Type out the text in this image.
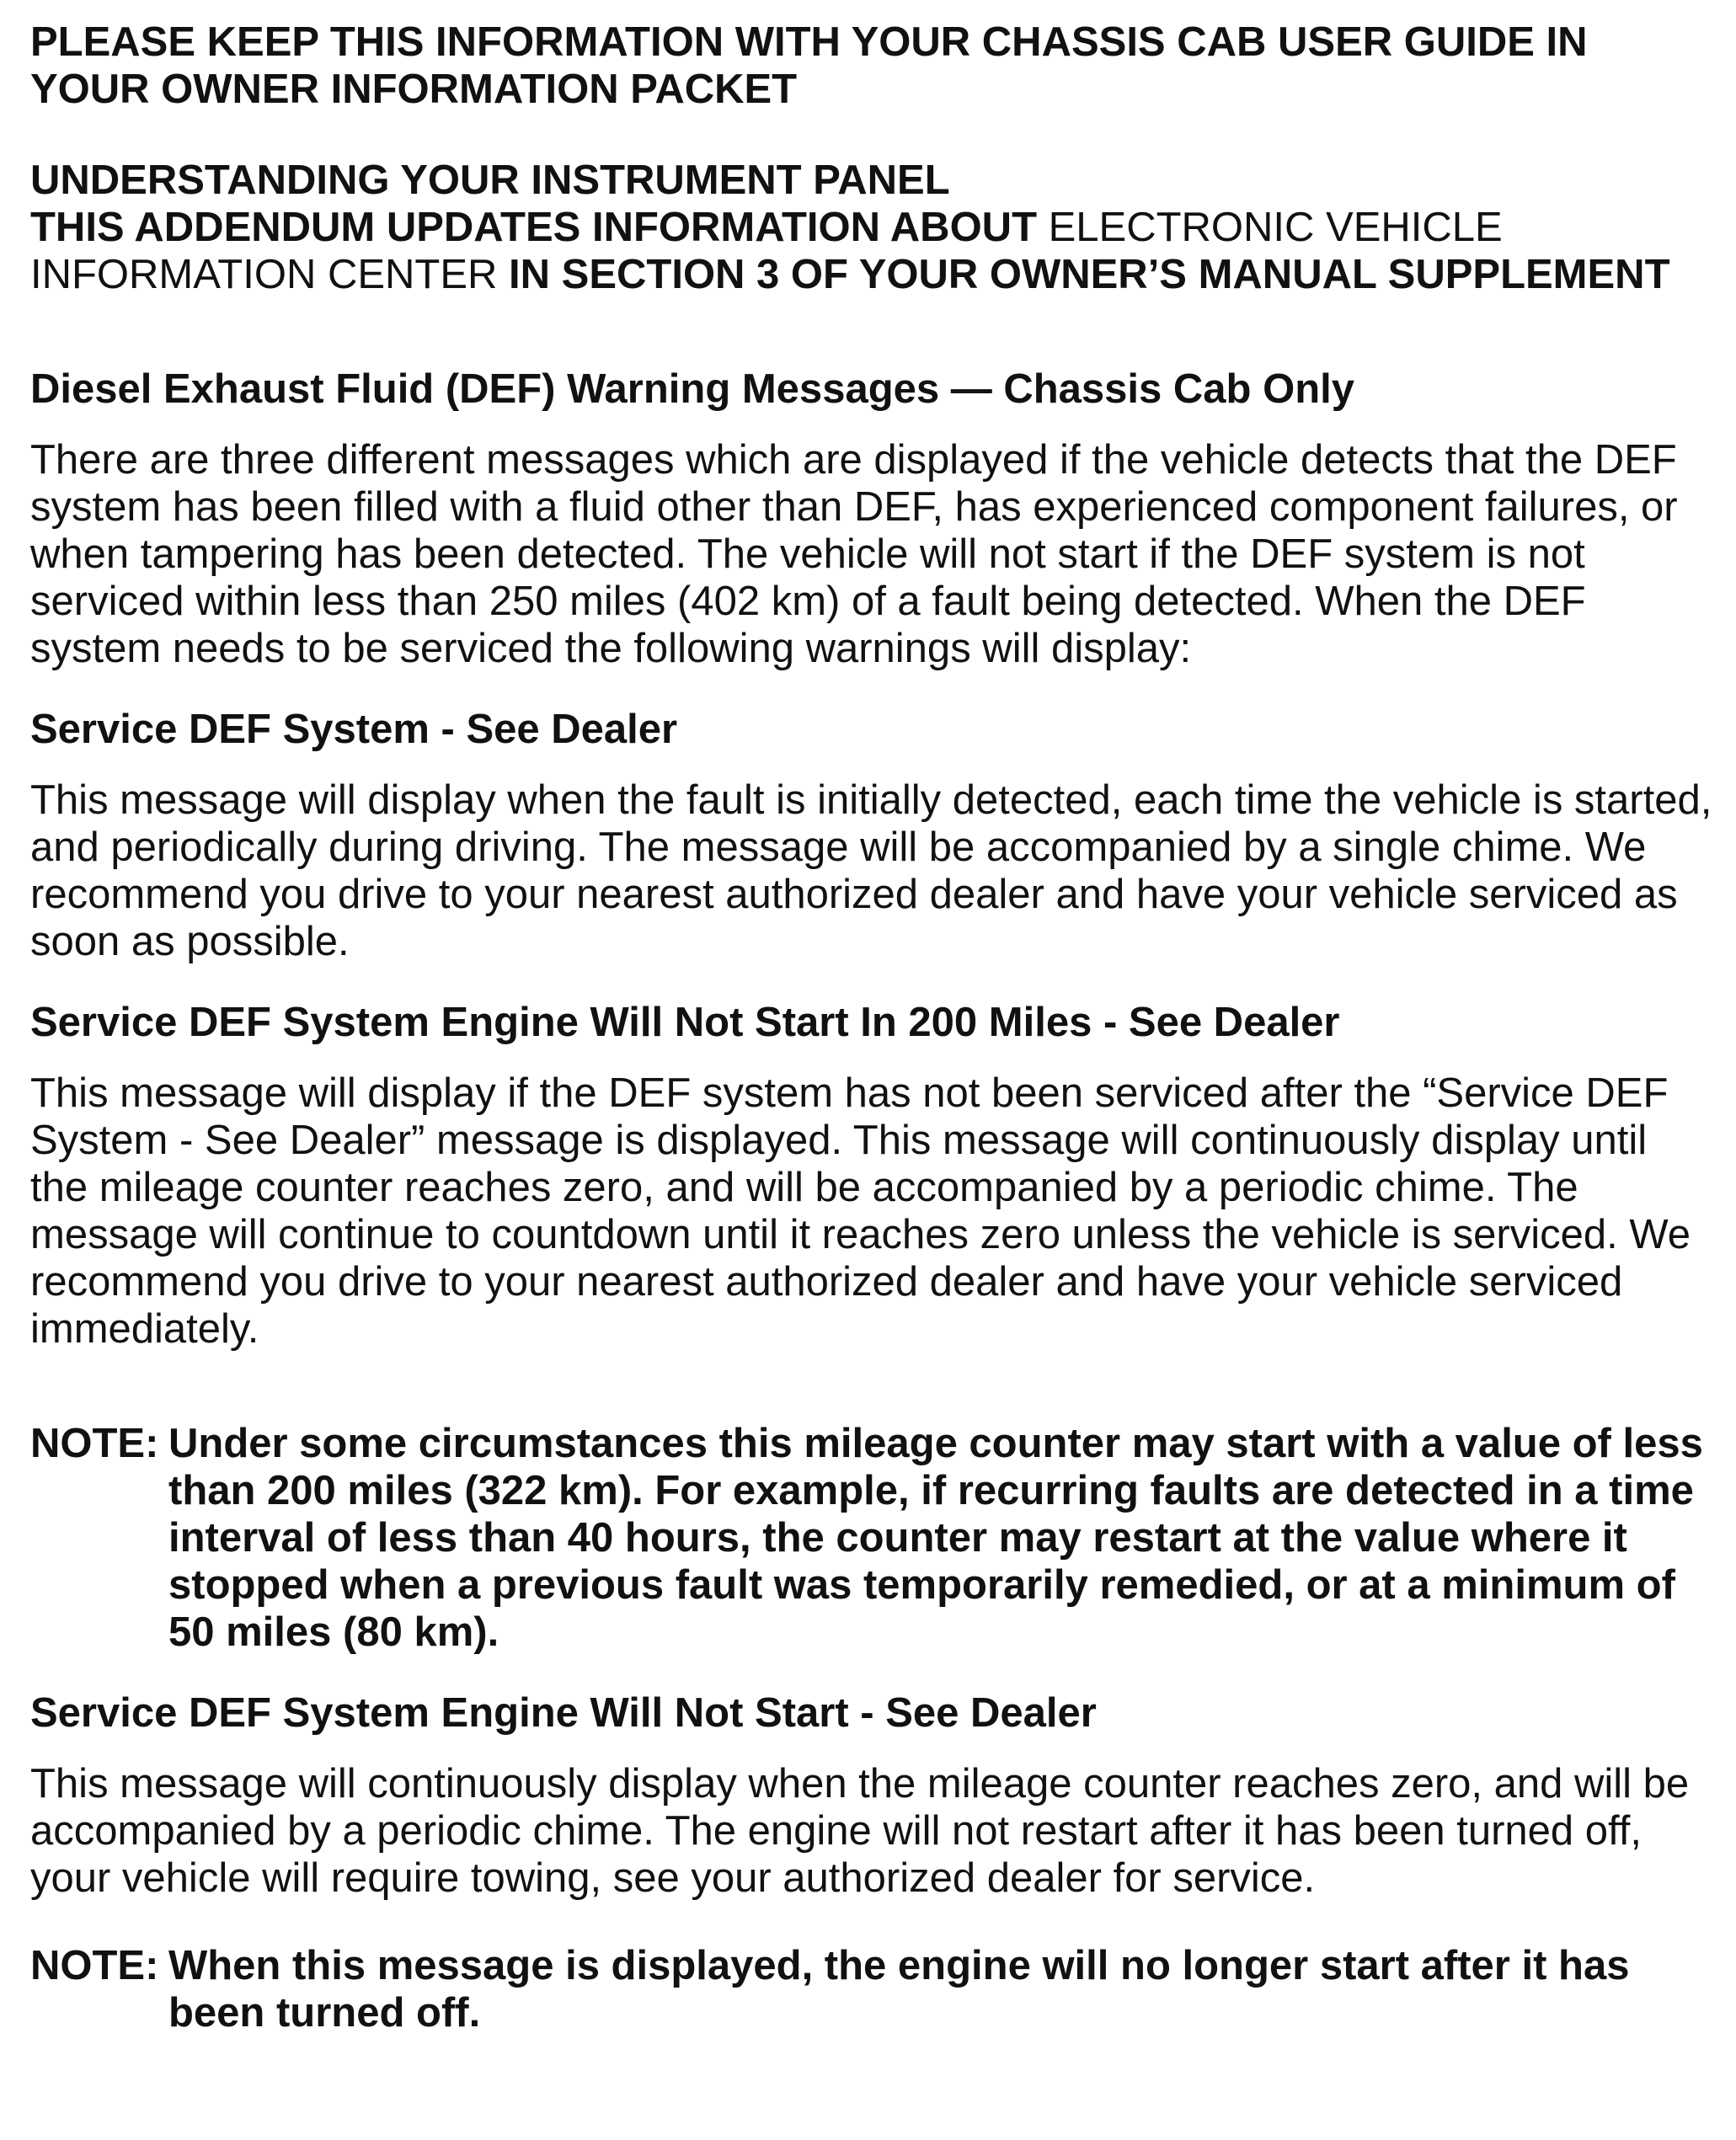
PLEASE KEEP THIS INFORMATION WITH YOUR CHASSIS CAB USER GUIDE IN
YOUR OWNER INFORMATION PACKET
UNDERSTANDING YOUR INSTRUMENT PANEL
THIS ADDENDUM UPDATES INFORMATION ABOUT ELECTRONIC VEHICLE
INFORMATION CENTER IN SECTION 3 OF YOUR OWNER’S MANUAL SUPPLEMENT
Diesel Exhaust Fluid (DEF) Warning Messages — Chassis Cab Only

There are three different messages which are displayed if the vehicle detects that the DEF system has been filled with a fluid other than DEF, has experienced component failures, or when tampering has been detected. The vehicle will not start if the DEF system is not serviced within less than 250 miles (402 km) of a fault being detected. When the DEF system needs to be serviced the following warnings will display:

Service DEF System - See Dealer

This message will display when the fault is initially detected, each time the vehicle is started, and periodically during driving. The message will be accompanied by a single chime. We recommend you drive to your nearest authorized dealer and have your vehicle serviced as soon as possible.

Service DEF System Engine Will Not Start In 200 Miles - See Dealer

This message will display if the DEF system has not been serviced after the “Service DEF System - See Dealer” message is displayed. This message will continuously display until the mileage counter reaches zero, and will be accompanied by a periodic chime. The message will continue to countdown until it reaches zero unless the vehicle is serviced. We recommend you drive to your nearest authorized dealer and have your vehicle serviced immediately.

NOTE: Under some circumstances this mileage counter may start with a value of less than 200 miles (322 km). For example, if recurring faults are detected in a time interval of less than 40 hours, the counter may restart at the value where it stopped when a previous fault was temporarily remedied, or at a minimum of 50 miles (80 km).
Service DEF System Engine Will Not Start - See Dealer

This message will continuously display when the mileage counter reaches zero, and will be accompanied by a periodic chime. The engine will not restart after it has been turned off, your vehicle will require towing, see your authorized dealer for service.

NOTE: When this message is displayed, the engine will no longer start after it has been turned off.
